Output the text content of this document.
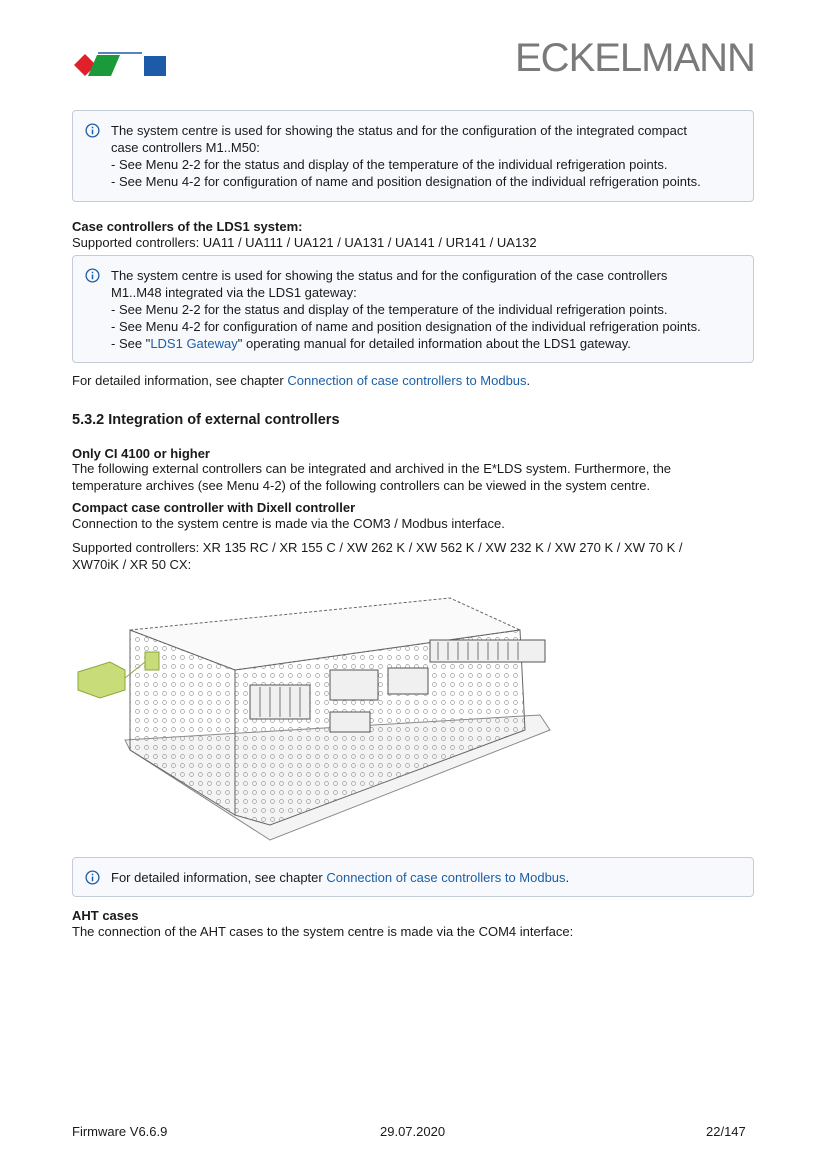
ECKELMANN
The system centre is used for showing the status and for the configuration of the integrated compact
case controllers M1..M50:
- See Menu 2-2 for the status and display of the temperature of the individual refrigeration points.
- See Menu 4-2 for configuration of name and position designation of the individual refrigeration points.
Case controllers of the LDS1 system:
Supported controllers: UA11 / UA111 / UA121 / UA131 / UA141 / UR141 / UA132
The system centre is used for showing the status and for the configuration of the case controllers
M1..M48 integrated via the LDS1 gateway:
- See Menu 2-2 for the status and display of the temperature of the individual refrigeration points.
- See Menu 4-2 for configuration of name and position designation of the individual refrigeration points.
- See "LDS1 Gateway" operating manual for detailed information about the LDS1 gateway.
For detailed information, see chapter Connection of case controllers to Modbus.
5.3.2 Integration of external controllers
Only CI 4100 or higher
The following external controllers can be integrated and archived in the E*LDS system. Furthermore, the
temperature archives (see Menu 4-2) of the following controllers can be viewed in the system centre.
Compact case controller with Dixell controller
Connection to the system centre is made via the COM3 / Modbus interface.
Supported controllers: XR 135 RC / XR 155 C / XW 262 K / XW 562 K / XW 232 K / XW 270 K / XW 70 K /
XW70iK / XR 50 CX:
For detailed information, see chapter Connection of case controllers to Modbus.
AHT cases
The connection of the AHT cases to the system centre is made via the COM4 interface:
Firmware V6.6.9	29.07.2020	22/147
